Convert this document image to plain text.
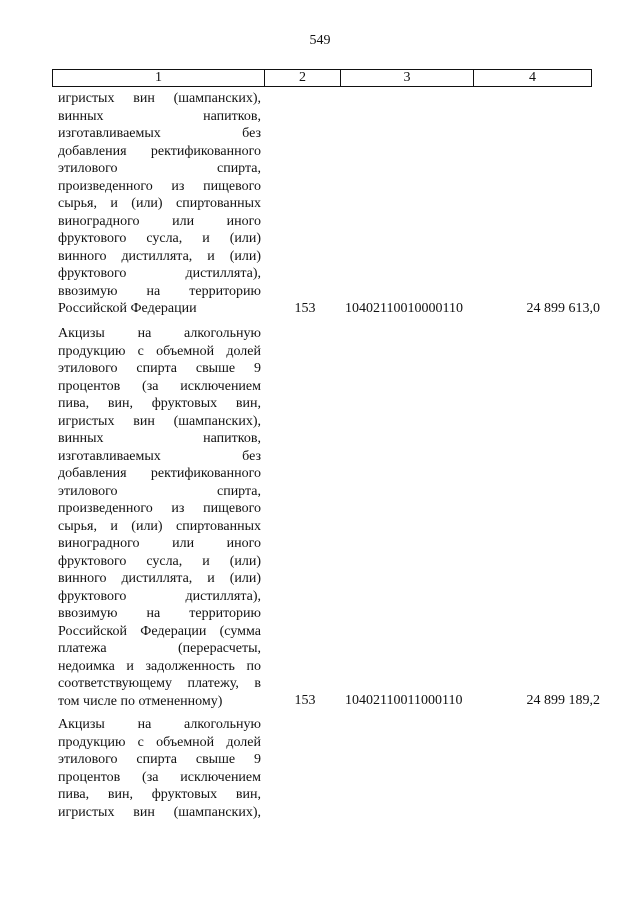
549
1	2	3	4
игристых вин (шампанских),
винных напитков,
изготавливаемых без
добавления ректификованного
этилового спирта,
произведенного из пищевого
сырья, и (или) спиртованных
виноградного или иного
фруктового сусла, и (или)
винного дистиллята, и (или)
фруктового дистиллята),
ввозимую на территорию
Российской Федерации	153 10402110010000110	24 899 613,0
Акцизы на алкогольную
продукцию с объемной долей
этилового спирта свыше 9
процентов (за исключением
пива, вин, фруктовых вин,
игристых вин (шампанских),
винных напитков,
изготавливаемых без
добавления ректификованного
этилового спирта,
произведенного из пищевого
сырья, и (или) спиртованных
виноградного или иного
фруктового сусла, и (или)
винного дистиллята, и (или)
фруктового дистиллята),
ввозимую на территорию
Российской Федерации (сумма
платежа (перерасчеты,
недоимка и задолженность по
соответствующему платежу, в
том числе по отмененному)	153 10402110011000110	24 899 189,2
Акцизы на алкогольную
продукцию с объемной долей
этилового спирта свыше 9
процентов (за исключением
пива, вин, фруктовых вин,
игристых вин (шампанских),
